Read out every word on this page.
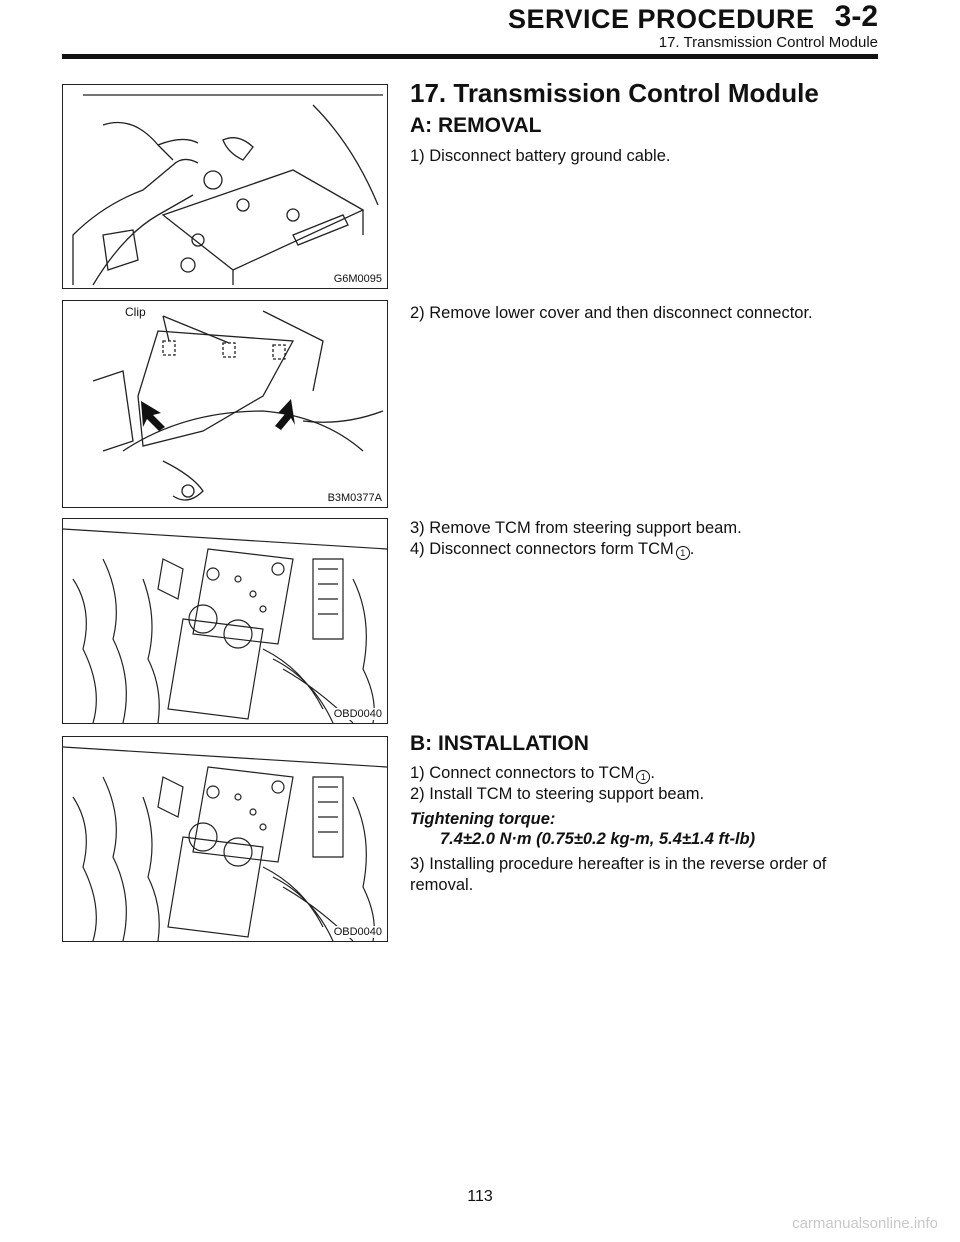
SERVICE PROCEDURE 3-2
17. Transmission Control Module
G6M0095
Clip
B3M0377A
OBD0040
OBD0040
17. Transmission Control Module
A: REMOVAL
1) Disconnect battery ground cable.
2) Remove lower cover and then disconnect connector.
3) Remove TCM from steering support beam.
4) Disconnect connectors form TCM 1 .
B: INSTALLATION
1) Connect connectors to TCM 1 .
2) Install TCM to steering support beam.
Tightening torque:
7.4±2.0 N·m (0.75±0.2 kg-m, 5.4±1.4 ft-lb)
3) Installing procedure hereafter is in the reverse order of
removal.
113
carmanualsonline.info
